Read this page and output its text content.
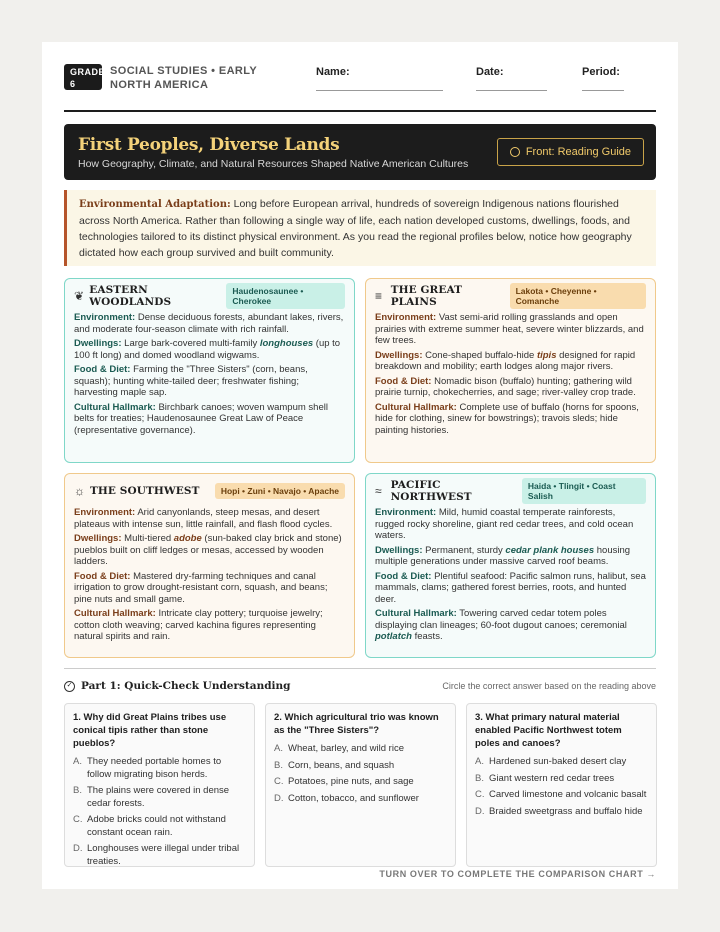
GRADE 6
SOCIAL STUDIES • EARLY NORTH AMERICA
Name:	Date:	Period:
First Peoples, Diverse Lands
How Geography, Climate, and Natural Resources Shaped Native American Cultures
Front: Reading Guide
Environmental Adaptation: Long before European arrival, hundreds of sovereign Indigenous nations flourished across North America. Rather than following a single way of life, each nation developed customs, dwellings, foods, and technologies tailored to its distinct physical environment. As you read the regional profiles below, notice how geography dictated how each group survived and built community.
❦ EASTERN WOODLANDS
Haudenosaunee • Cherokee
Environment: Dense deciduous forests, abundant lakes, rivers, and moderate four-season climate with rich rainfall.
Dwellings: Large bark-covered multi-family longhouses (up to 100 ft long) and domed woodland wigwams.
Food & Diet: Farming the "Three Sisters" (corn, beans, squash); hunting white-tailed deer; freshwater fishing; harvesting maple sap.
Cultural Hallmark: Birchbark canoes; woven wampum shell belts for treaties; Haudenosaunee Great Law of Peace (representative governance).
≡ THE GREAT PLAINS
Lakota • Cheyenne • Comanche
Environment: Vast semi-arid rolling grasslands and open prairies with extreme summer heat, severe winter blizzards, and few trees.
Dwellings: Cone-shaped buffalo-hide tipis designed for rapid breakdown and mobility; earth lodges along major rivers.
Food & Diet: Nomadic bison (buffalo) hunting; gathering wild prairie turnip, chokecherries, and sage; river-valley crop trade.
Cultural Hallmark: Complete use of buffalo (horns for spoons, hide for clothing, sinew for bowstrings); travois sleds; hide painting histories.
☼ THE SOUTHWEST	Hopi • Zuni • Navajo • Apache
Environment: Arid canyonlands, steep mesas, and desert plateaus with intense sun, little rainfall, and flash flood cycles.
Dwellings: Multi-tiered adobe (sun-baked clay brick and stone) pueblos built on cliff ledges or mesas, accessed by wooden ladders.
Food & Diet: Mastered dry-farming techniques and canal irrigation to grow drought-resistant corn, squash, and beans; pine nuts and small game.
Cultural Hallmark: Intricate clay pottery; turquoise jewelry; cotton cloth weaving; carved kachina figures representing natural spirits and rain.
≈ PACIFIC NORTHWEST
Haida • Tlingit • Coast Salish
Environment: Mild, humid coastal temperate rainforests, rugged rocky shoreline, giant red cedar trees, and cold ocean waters.
Dwellings: Permanent, sturdy cedar plank houses housing multiple generations under massive carved roof beams.
Food & Diet: Plentiful seafood: Pacific salmon runs, halibut, sea mammals, clams; gathered forest berries, roots, and hunted deer.
Cultural Hallmark: Towering carved cedar totem poles displaying clan lineages; 60-foot dugout canoes; ceremonial potlatch feasts.
✓ Part 1: Quick-Check Understanding	Circle the correct answer based on the reading above
1. Why did Great Plains tribes use conical tipis rather than stone pueblos?
A. They needed portable homes to follow migrating bison herds.
B. The plains were covered in dense cedar forests.
C. Adobe bricks could not withstand constant ocean rain.
D. Longhouses were illegal under tribal treaties.
2. Which agricultural trio was known as the "Three Sisters"?
A. Wheat, barley, and wild rice
B. Corn, beans, and squash
C. Potatoes, pine nuts, and sage
D. Cotton, tobacco, and sunflower
3. What primary natural material enabled Pacific Northwest totem poles and canoes?
A. Hardened sun-baked desert clay
B. Giant western red cedar trees
C. Carved limestone and volcanic basalt
D. Braided sweetgrass and buffalo hide
TURN OVER TO COMPLETE THE COMPARISON CHART →
